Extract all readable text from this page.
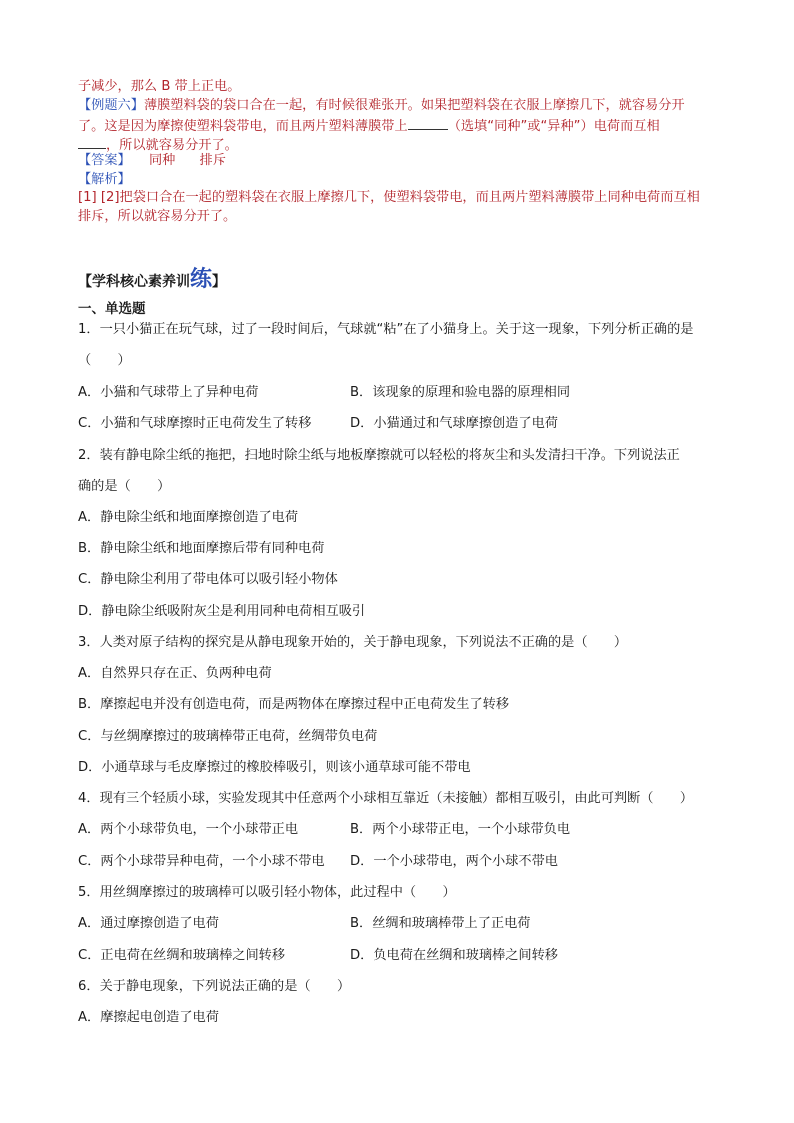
子减少，那么 B 带上正电。
【例题六】薄膜塑料袋的袋口合在一起，有时候很难张开。如果把塑料袋在衣服上摩擦几下，就容易分开
了。这是因为摩擦使塑料袋带电，而且两片塑料薄膜带上	（选填“同种”或“异种”）电荷而互相
，所以就容易分开了。
【答案】 同种 排斥
【解析】
[1] [2]把袋口合在一起的塑料袋在衣服上摩擦几下，使塑料袋带电，而且两片塑料薄膜带上同种电荷而互相
排斥，所以就容易分开了。
【学科核心素养训练】
一、单选题
1．一只小猫正在玩气球，过了一段时间后，气球就“粘”在了小猫身上。关于这一现象，下列分析正确的是
（　　）
A．小猫和气球带上了异种电荷	B．该现象的原理和验电器的原理相同
C．小猫和气球摩擦时正电荷发生了转移	D．小猫通过和气球摩擦创造了电荷
2．装有静电除尘纸的拖把，扫地时除尘纸与地板摩擦就可以轻松的将灰尘和头发清扫干净。下列说法正
确的是（　　）
A．静电除尘纸和地面摩擦创造了电荷
B．静电除尘纸和地面摩擦后带有同种电荷
C．静电除尘利用了带电体可以吸引轻小物体
D．静电除尘纸吸附灰尘是利用同种电荷相互吸引
3．人类对原子结构的探究是从静电现象开始的，关于静电现象，下列说法不正确的是（　　）
A．自然界只存在正、负两种电荷
B．摩擦起电并没有创造电荷，而是两物体在摩擦过程中正电荷发生了转移
C．与丝绸摩擦过的玻璃棒带正电荷，丝绸带负电荷
D．小通草球与毛皮摩擦过的橡胶棒吸引，则该小通草球可能不带电
4．现有三个轻质小球，实验发现其中任意两个小球相互靠近（未接触）都相互吸引，由此可判断（　　）
A．两个小球带负电，一个小球带正电	B．两个小球带正电，一个小球带负电
C．两个小球带异种电荷，一个小球不带电 D．一个小球带电，两个小球不带电
5．用丝绸摩擦过的玻璃棒可以吸引轻小物体，此过程中（　　）
A．通过摩擦创造了电荷	B．丝绸和玻璃棒带上了正电荷
C．正电荷在丝绸和玻璃棒之间转移	D．负电荷在丝绸和玻璃棒之间转移
6．关于静电现象，下列说法正确的是（　　）
A．摩擦起电创造了电荷
